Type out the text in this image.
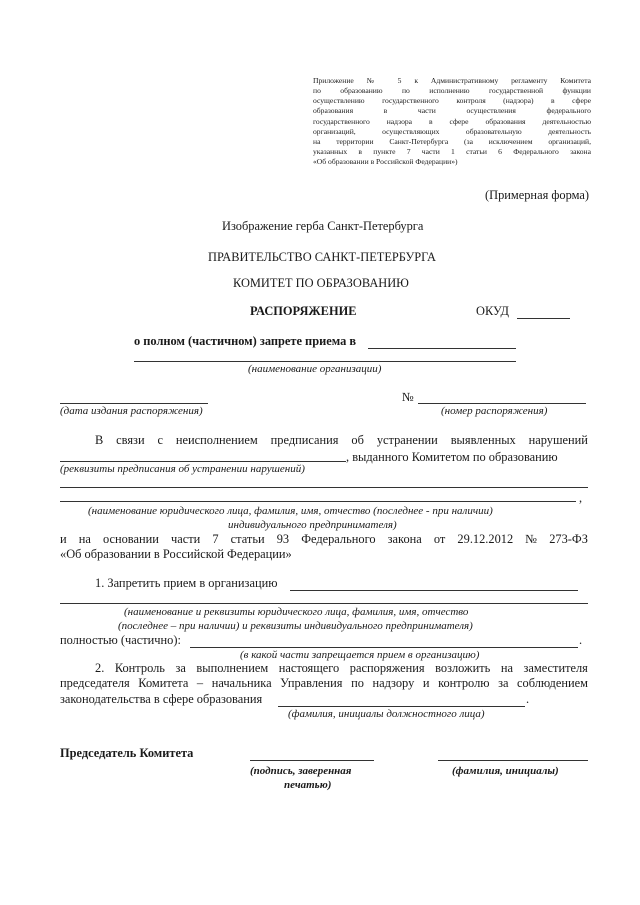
Приложение № 5 к Административному регламенту Комитета
по образованию по исполнению государственной функции
осуществлению государственного контроля (надзора) в сфере
образования	в	части	осуществления	федерального
государственного надзора в сфере образования деятельностью
организаций, осуществляющих образовательную деятельность
на территории Санкт-Петербурга (за исключением организаций,
указанных в пункте 7 части 1 статьи 6 Федерального закона
«Об образовании в Российской Федерации»)
(Примерная форма)
Изображение герба Санкт-Петербурга
ПРАВИТЕЛЬСТВО САНКТ-ПЕТЕРБУРГА
КОМИТЕТ ПО ОБРАЗОВАНИЮ
РАСПОРЯЖЕНИЕ	ОКУД
о полном (частичном) запрете приема в
(наименование организации)
№
(дата издания распоряжения)	(номер распоряжения)
В связи с неисполнением предписания об устранении выявленных нарушений
, выданного Комитетом по образованию
(реквизиты предписания об устранении нарушений)
,
(наименование юридического лица, фамилия, имя, отчество (последнее - при наличии)
индивидуального предпринимателя)
и на основании части 7 статьи 93 Федерального закона от 29.12.2012 № 273-ФЗ
«Об образовании в Российской Федерации»
1. Запретить прием в организацию
(наименование и реквизиты юридического лица, фамилия, имя, отчество
(последнее – при наличии) и реквизиты индивидуального предпринимателя)
полностью (частично):	.
(в какой части запрещается прием в организацию)
2. Контроль за выполнением настоящего распоряжения возложить на заместителя
председателя Комитета – начальника Управления по надзору и контролю за соблюдением
законодательства в сфере образования	.
(фамилия, инициалы должностного лица)
Председатель Комитета
(подпись, заверенная
печатью)
(фамилия, инициалы)
